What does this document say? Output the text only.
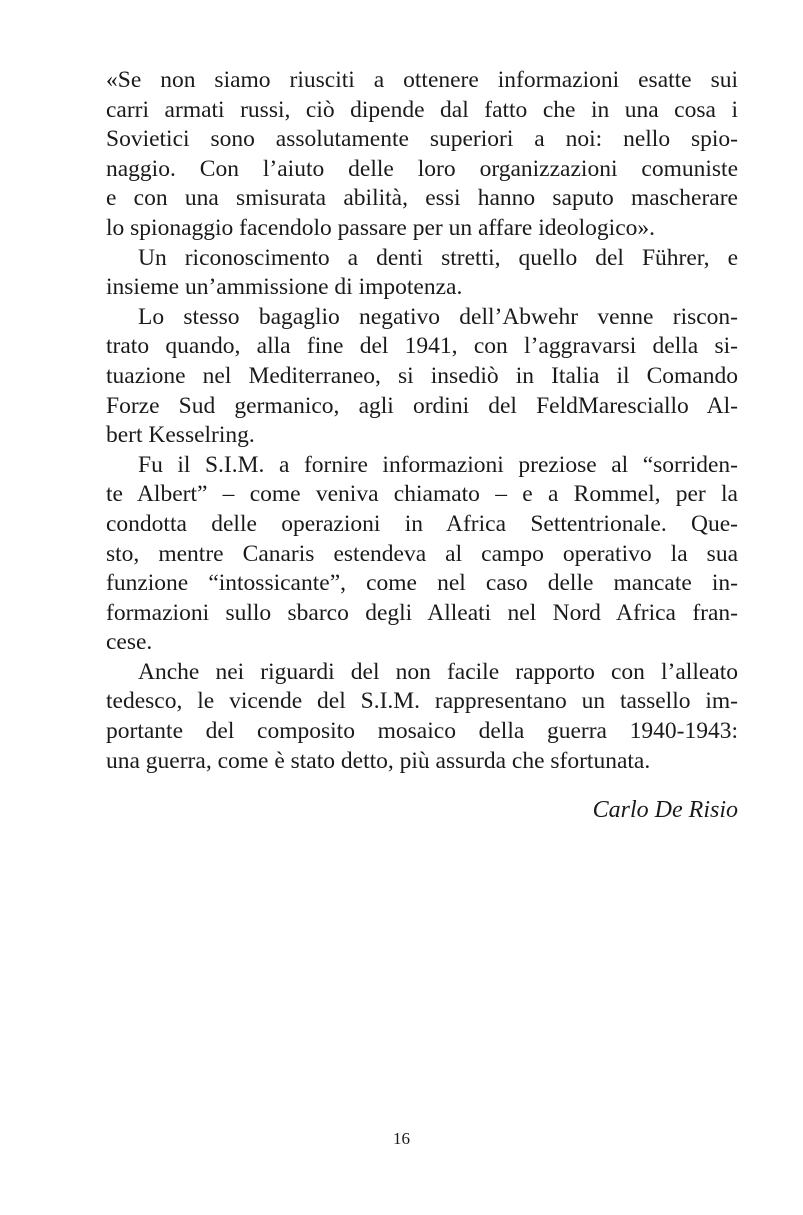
«Se non siamo riusciti a ottenere informazioni esatte sui
carri armati russi, ciò dipende dal fatto che in una cosa i
Sovietici sono assolutamente superiori a noi: nello spio-
naggio. Con l’aiuto delle loro organizzazioni comuniste
e con una smisurata abilità, essi hanno saputo mascherare
lo spionaggio facendolo passare per un affare ideologico».
Un riconoscimento a denti stretti, quello del Führer, e
insieme un’ammissione di impotenza.
Lo stesso bagaglio negativo dell’Abwehr venne riscon-
trato quando, alla fine del 1941, con l’aggravarsi della si-
tuazione nel Mediterraneo, si insediò in Italia il Comando
Forze Sud germanico, agli ordini del FeldMaresciallo Al-
bert Kesselring.
Fu il S.I.M. a fornire informazioni preziose al “sorriden-
te Albert” – come veniva chiamato – e a Rommel, per la
condotta delle operazioni in Africa Settentrionale. Que-
sto, mentre Canaris estendeva al campo operativo la sua
funzione “intossicante”, come nel caso delle mancate in-
formazioni sullo sbarco degli Alleati nel Nord Africa fran-
cese.
Anche nei riguardi del non facile rapporto con l’alleato
tedesco, le vicende del S.I.M. rappresentano un tassello im-
portante del composito mosaico della guerra 1940-1943:
una guerra, come è stato detto, più assurda che sfortunata.
Carlo De Risio
16
